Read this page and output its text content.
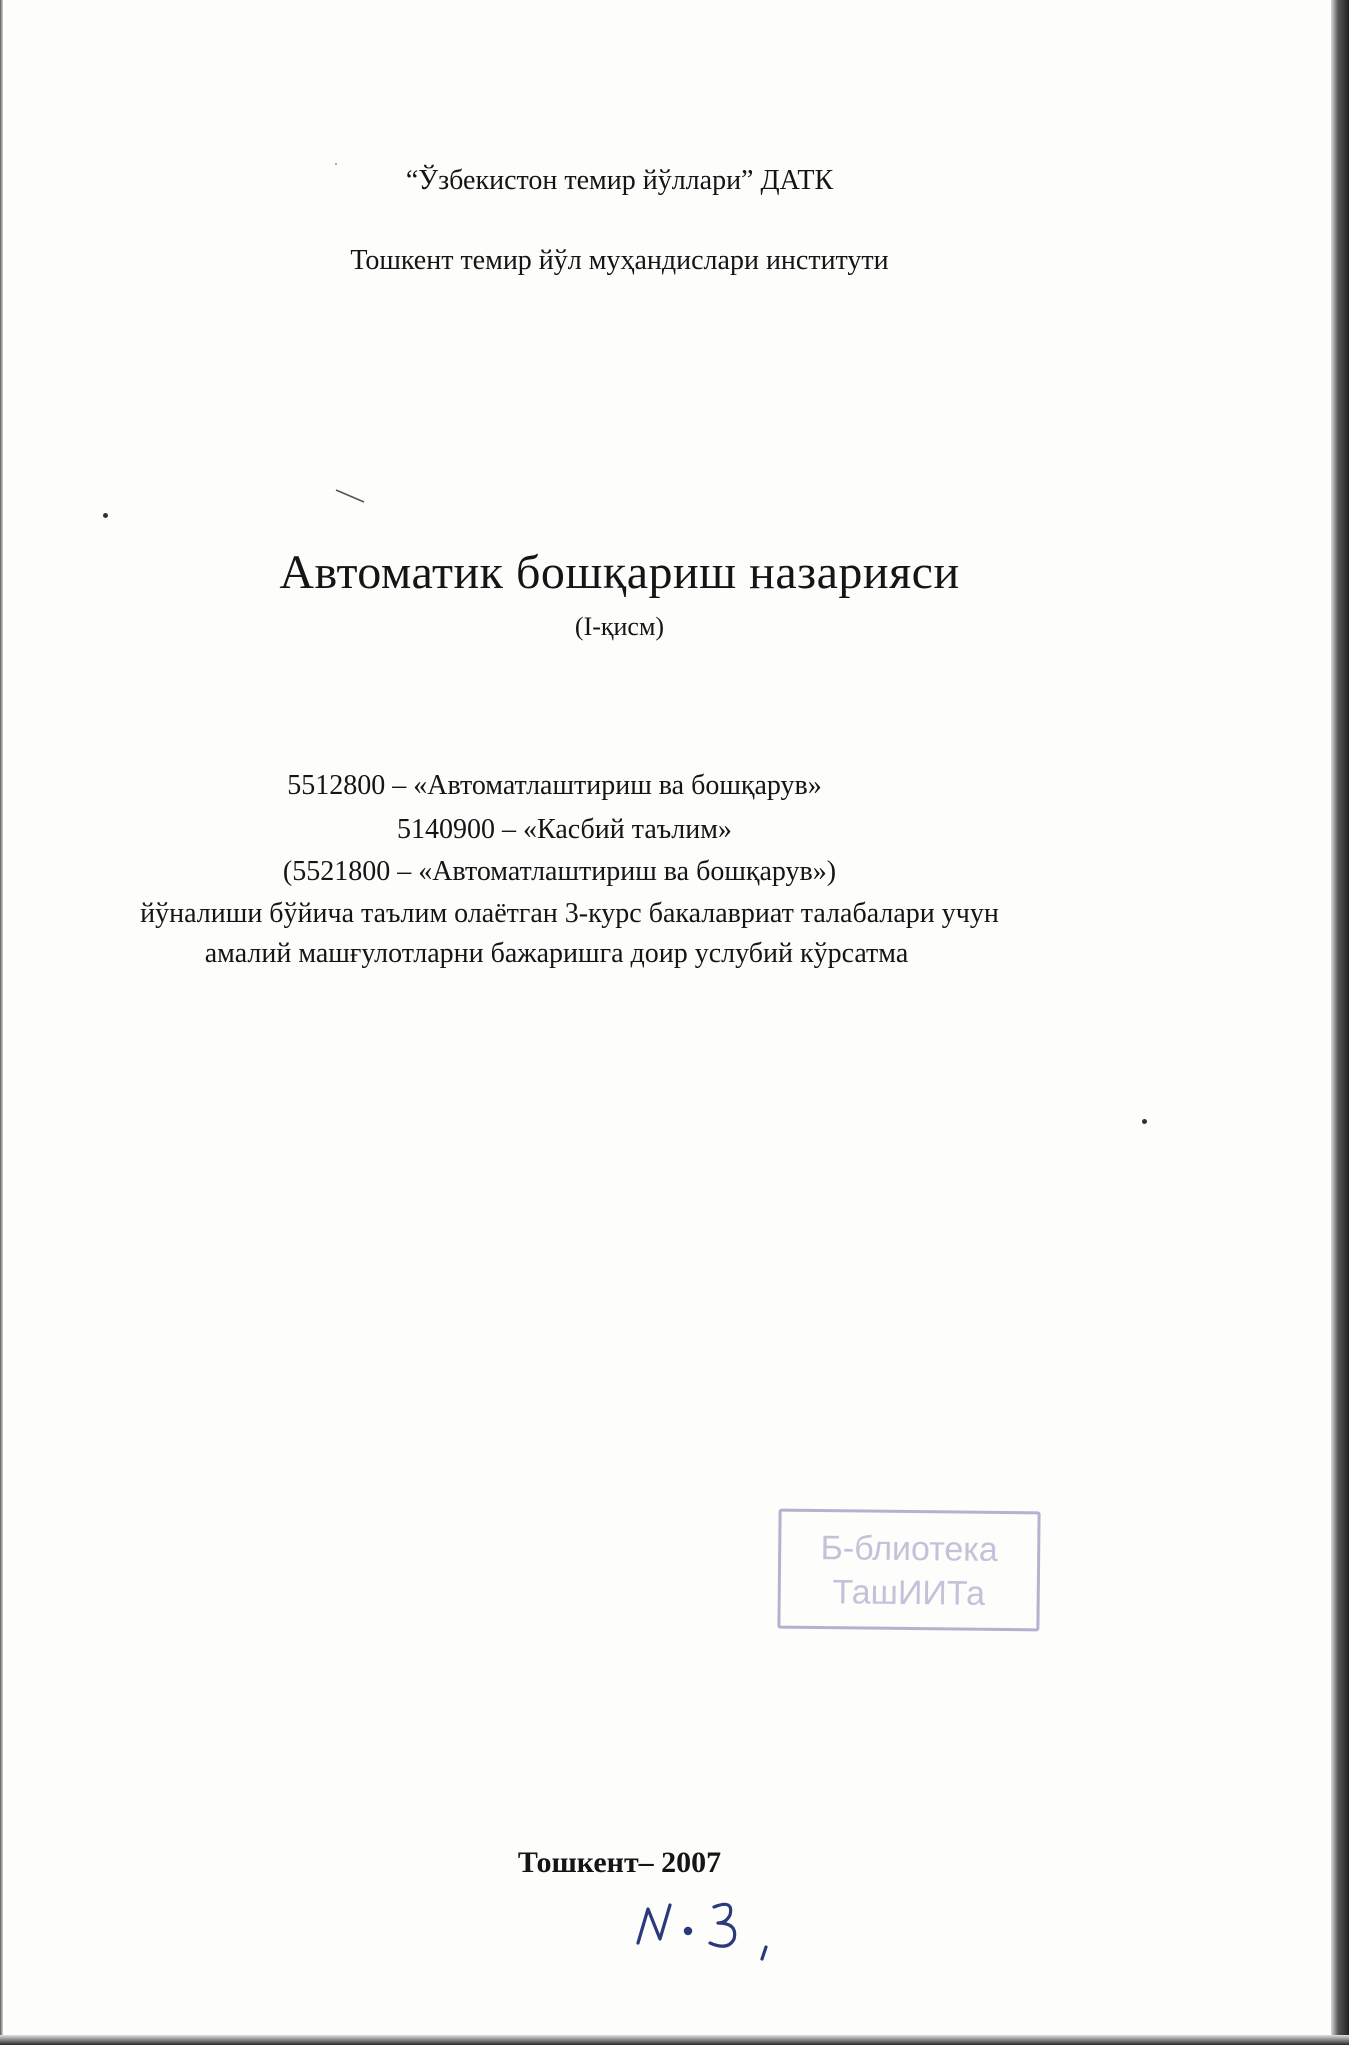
“Ўзбекистон темир йўллари” ДАТК
Тошкент темир йўл муҳандислари институти
Автоматик бошқариш назарияси
(I-қисм)
5512800 – «Автоматлаштириш ва бошқарув»
5140900 – «Касбий таълим»
(5521800 – «Автоматлаштириш ва бошқарув»)
йўналиши бўйича таълим олаётган 3-курс бакалавриат талабалари учун
амалий машғулотларни бажаришга доир услубий кўрсатма
Б-блиотека
ТашИИТа
Тошкент– 2007
